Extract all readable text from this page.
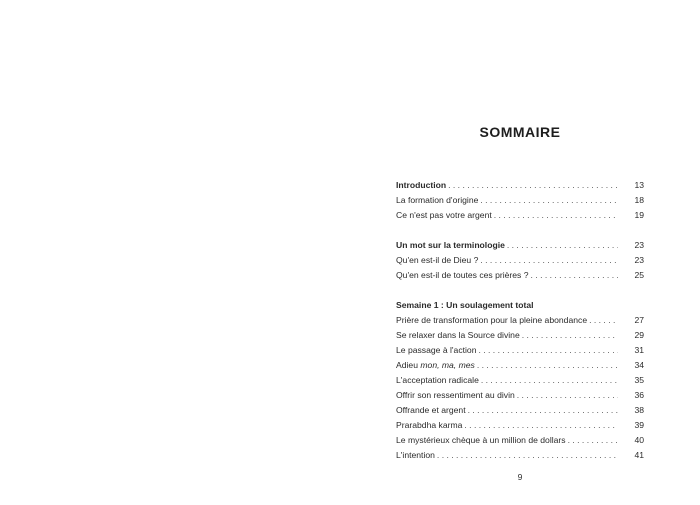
SOMMAIRE
Introduction . . .	13
La formation d'origine . . .	18
Ce n'est pas votre argent . . .	19
Un mot sur la terminologie . . .	23
Qu'en est-il de Dieu ? . . .	23
Qu'en est-il de toutes ces prières ? . . .	25
Semaine 1 : Un soulagement total
Prière de transformation pour la pleine abondance . . .	27
Se relaxer dans la Source divine . . .	29
Le passage à l'action . . .	31
Adieu mon, ma, mes . . .	34
L'acceptation radicale . . .	35
Offrir son ressentiment au divin . . .	36
Offrande et argent . . .	38
Prarabdha karma . . .	39
Le mystérieux chèque à un million de dollars . . .	40
L'intention . . .	41
9
